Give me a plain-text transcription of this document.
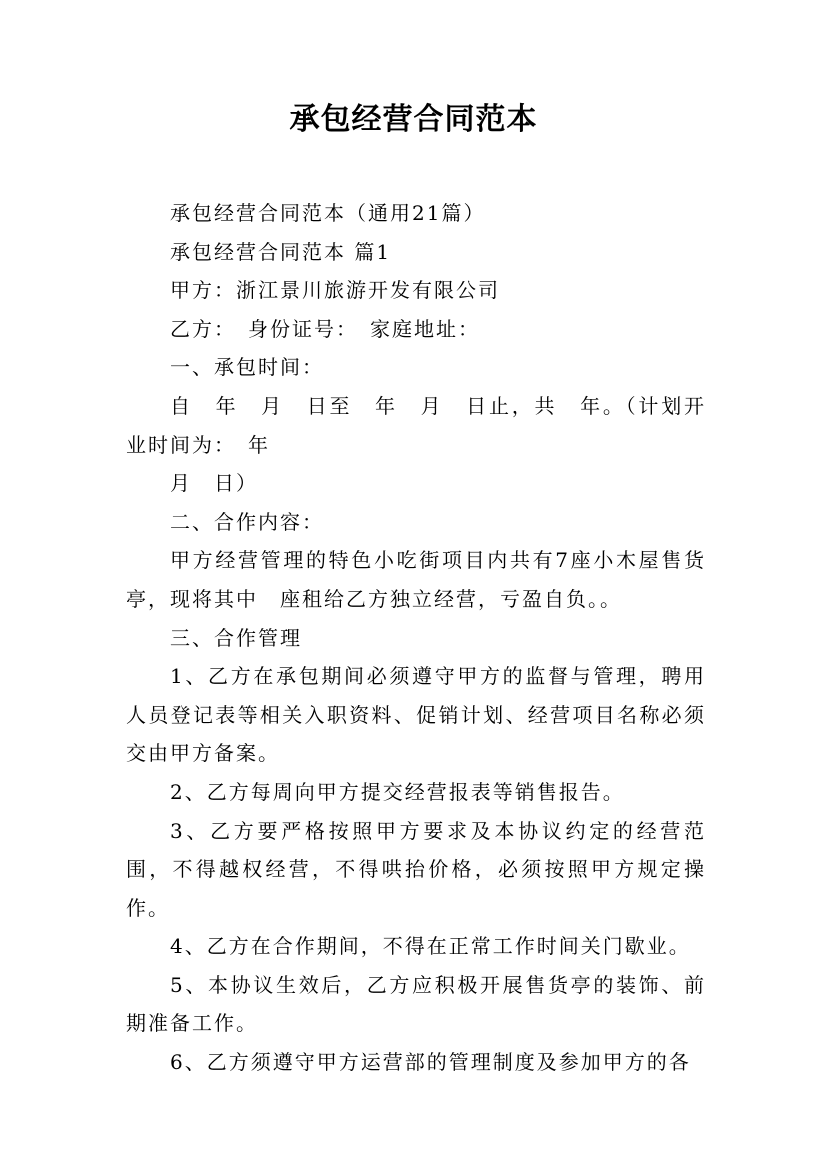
承包经营合同范本

承包经营合同范本（通用21篇）

承包经营合同范本 篇1

甲方：浙江景川旅游开发有限公司

乙方：　身份证号：　家庭地址：

一、承包时间：

自　年　月　日至　年　月　日止，共　年。（计划开业时间为：　年

月　日）

二、合作内容：

甲方经营管理的特色小吃街项目内共有7座小木屋售货亭，现将其中　座租给乙方独立经营，亏盈自负。。

三、合作管理

1、乙方在承包期间必须遵守甲方的监督与管理，聘用人员登记表等相关入职资料、促销计划、经营项目名称必须交由甲方备案。

2、乙方每周向甲方提交经营报表等销售报告。

3、乙方要严格按照甲方要求及本协议约定的经营范围，不得越权经营，不得哄抬价格，必须按照甲方规定操作。

4、乙方在合作期间，不得在正常工作时间关门歇业。

5、本协议生效后，乙方应积极开展售货亭的装饰、前期准备工作。

6、乙方须遵守甲方运营部的管理制度及参加甲方的各
